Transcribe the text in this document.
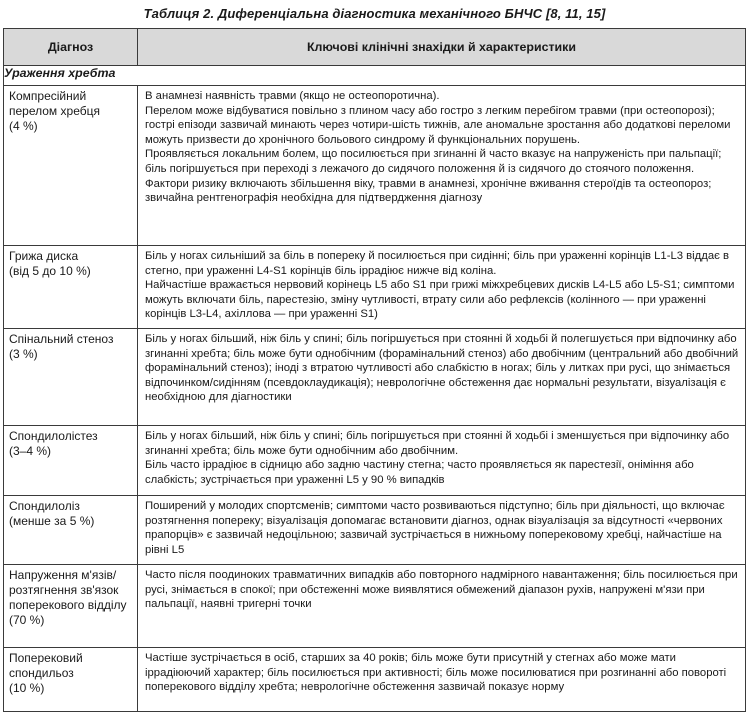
Таблиця 2. Диференціальна діагностика механічного БНЧС [8, 11, 15]
Діагноз	Ключові клінічні знахідки й характеристики
Ураження хребта	

Компресійний перелом хребця
(4 %)	В анамнезі наявність травми (якщо не остеопоротична).
Перелом може відбуватися повільно з плином часу або гостро з легким перебігом травми (при остеопорозі); гострі епізоди зазвичай минають через чотири-шість тижнів, але аномальне зростання або додаткові переломи можуть призвести до хронічного больового синдрому й функціональних порушень.
Проявляється локальним болем, що посилюється при згинанні й часто вказує на напруженість при пальпації; біль погіршується при переході з лежачого до сидячого положення й із сидячого до стоячого положення.
Фактори ризику включають збільшення віку, травми в анамнезі, хронічне вживання стероїдів та остеопороз; звичайна рентгенографія необхідна для підтвердження діагнозу

Грижа диска
(від 5 до 10 %)	Біль у ногах сильніший за біль в попереку й посилюється при сидінні; біль при ураженні корінців L1-L3 віддає в стегно, при ураженні L4-S1 корінців біль іррадіює нижче від коліна.
Найчастіше вражається нервовий корінець L5 або S1 при грижі міжхребцевих дисків L4-L5 або L5-S1; симптоми можуть включати біль, парестезію, зміну чутливості, втрату сили або рефлексів (колінного — при ураженні корінців L3-L4, ахіллова — при ураженні S1)

Спінальний стеноз
(3 %)	Біль у ногах більший, ніж біль у спині; біль погіршується при стоянні й ходьбі й полегшується при відпочинку або згинанні хребта; біль може бути однобічним (форамінальний стеноз) або двобічним (центральний або двобічний форамінальний стеноз); іноді з втратою чутливості або слабкістю в ногах; біль у литках при русі, що знімається відпочинком/сидінням (псевдоклаудикація); неврологічне обстеження дає нормальні результати, візуалізація є необхідною для діагностики

Спондилолістез
(3–4 %)	Біль у ногах більший, ніж біль у спині; біль погіршується при стоянні й ходьбі і зменшується при відпочинку або згинанні хребта; біль може бути однобічним або двобічним.
Біль часто іррадіює в сідницю або задню частину стегна; часто проявляється як парестезії, оніміння або слабкість; зустрічається при ураженні L5 у 90 % випадків

Спондилоліз
(менше за 5 %)	Поширений у молодих спортсменів; симптоми часто розвиваються підступно; біль при діяльності, що включає розтягнення попереку; візуалізація допомагає встановити діагноз, однак візуалізація за відсутності «червоних прапорців» є зазвичай недоцільною; зазвичай зустрічається в нижньому поперековому хребці, найчастіше на рівні L5

Напруження м'язів/розтягнення зв'язок поперекового відділу
(70 %)	Часто після поодиноких травматичних випадків або повторного надмірного навантаження; біль посилюється при русі, знімається в спокої; при обстеженні може виявлятися обмежений діапазон рухів, напружені м'язи при пальпації, наявні тригерні точки

Поперековий спондильоз
(10 %)	Частіше зустрічається в осіб, старших за 40 років; біль може бути присутній у стегнах або може мати іррадіюючий характер; біль посилюється при активності; біль може посилюватися при розгинанні або повороті поперекового відділу хребта; неврологічне обстеження зазвичай показує норму
